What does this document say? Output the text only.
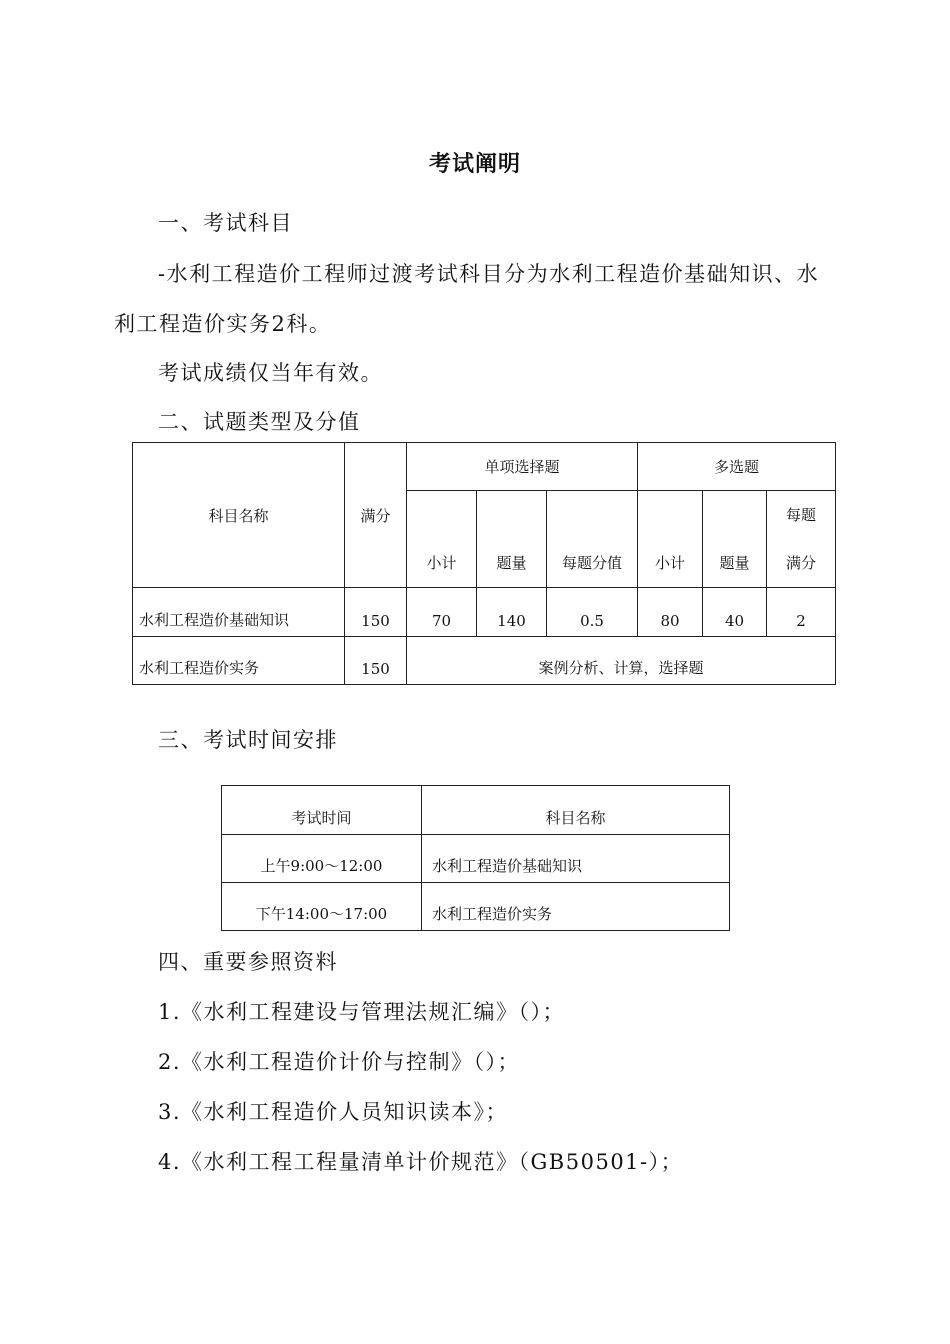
考试阐明
一、考试科目
-水利工程造价工程师过渡考试科目分为水利工程造价基础知识、水
利工程造价实务2科。
考试成绩仅当年有效。
二、试题类型及分值
科目名称	满分	单项选择题			多选题		
		小计	题量	每题分值	小计	题量	每题
满分

水利工程造价基础知识	150	70	140	0.5	80	40	2
水利工程造价实务	150	案例分析、计算，选择题					
三、考试时间安排
考试时间	科目名称
上午9:00～12:00	水利工程造价基础知识
下午14:00～17:00	水利工程造价实务
四、重要参照资料
1.《水利工程建设与管理法规汇编》（）；
2.《水利工程造价计价与控制》（）；
3.《水利工程造价人员知识读本》；
4.《水利工程工程量清单计价规范》（GB50501-）；
